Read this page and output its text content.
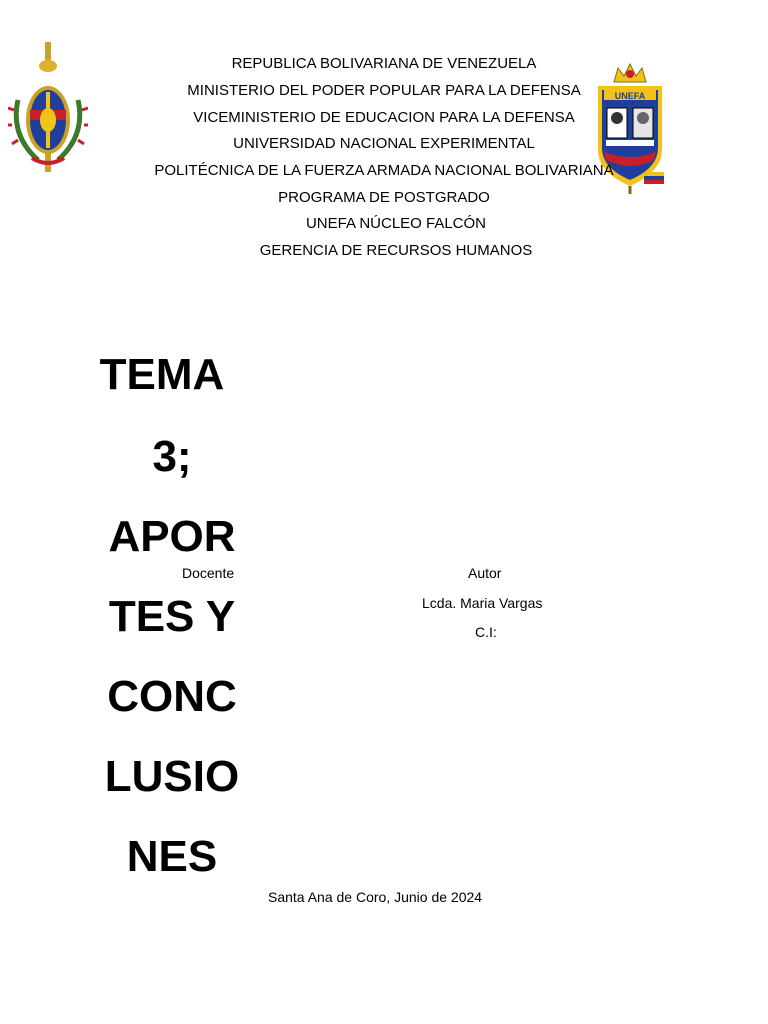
UNEFA
REPUBLICA BOLIVARIANA DE VENEZUELA
MINISTERIO DEL PODER POPULAR PARA LA DEFENSA
VICEMINISTERIO DE EDUCACION PARA LA DEFENSA
UNIVERSIDAD NACIONAL EXPERIMENTAL
POLITÉCNICA DE LA FUERZA ARMADA NACIONAL BOLIVARIANA
PROGRAMA DE POSTGRADO
UNEFA NÚCLEO FALCÓN
GERENCIA DE RECURSOS HUMANOS
TEMA
3;
APOR
TES Y
CONC
LUSIO
NES
Docente	Autor
Lcda. Maria Vargas
C.I:
Santa Ana de Coro, Junio de 2024
